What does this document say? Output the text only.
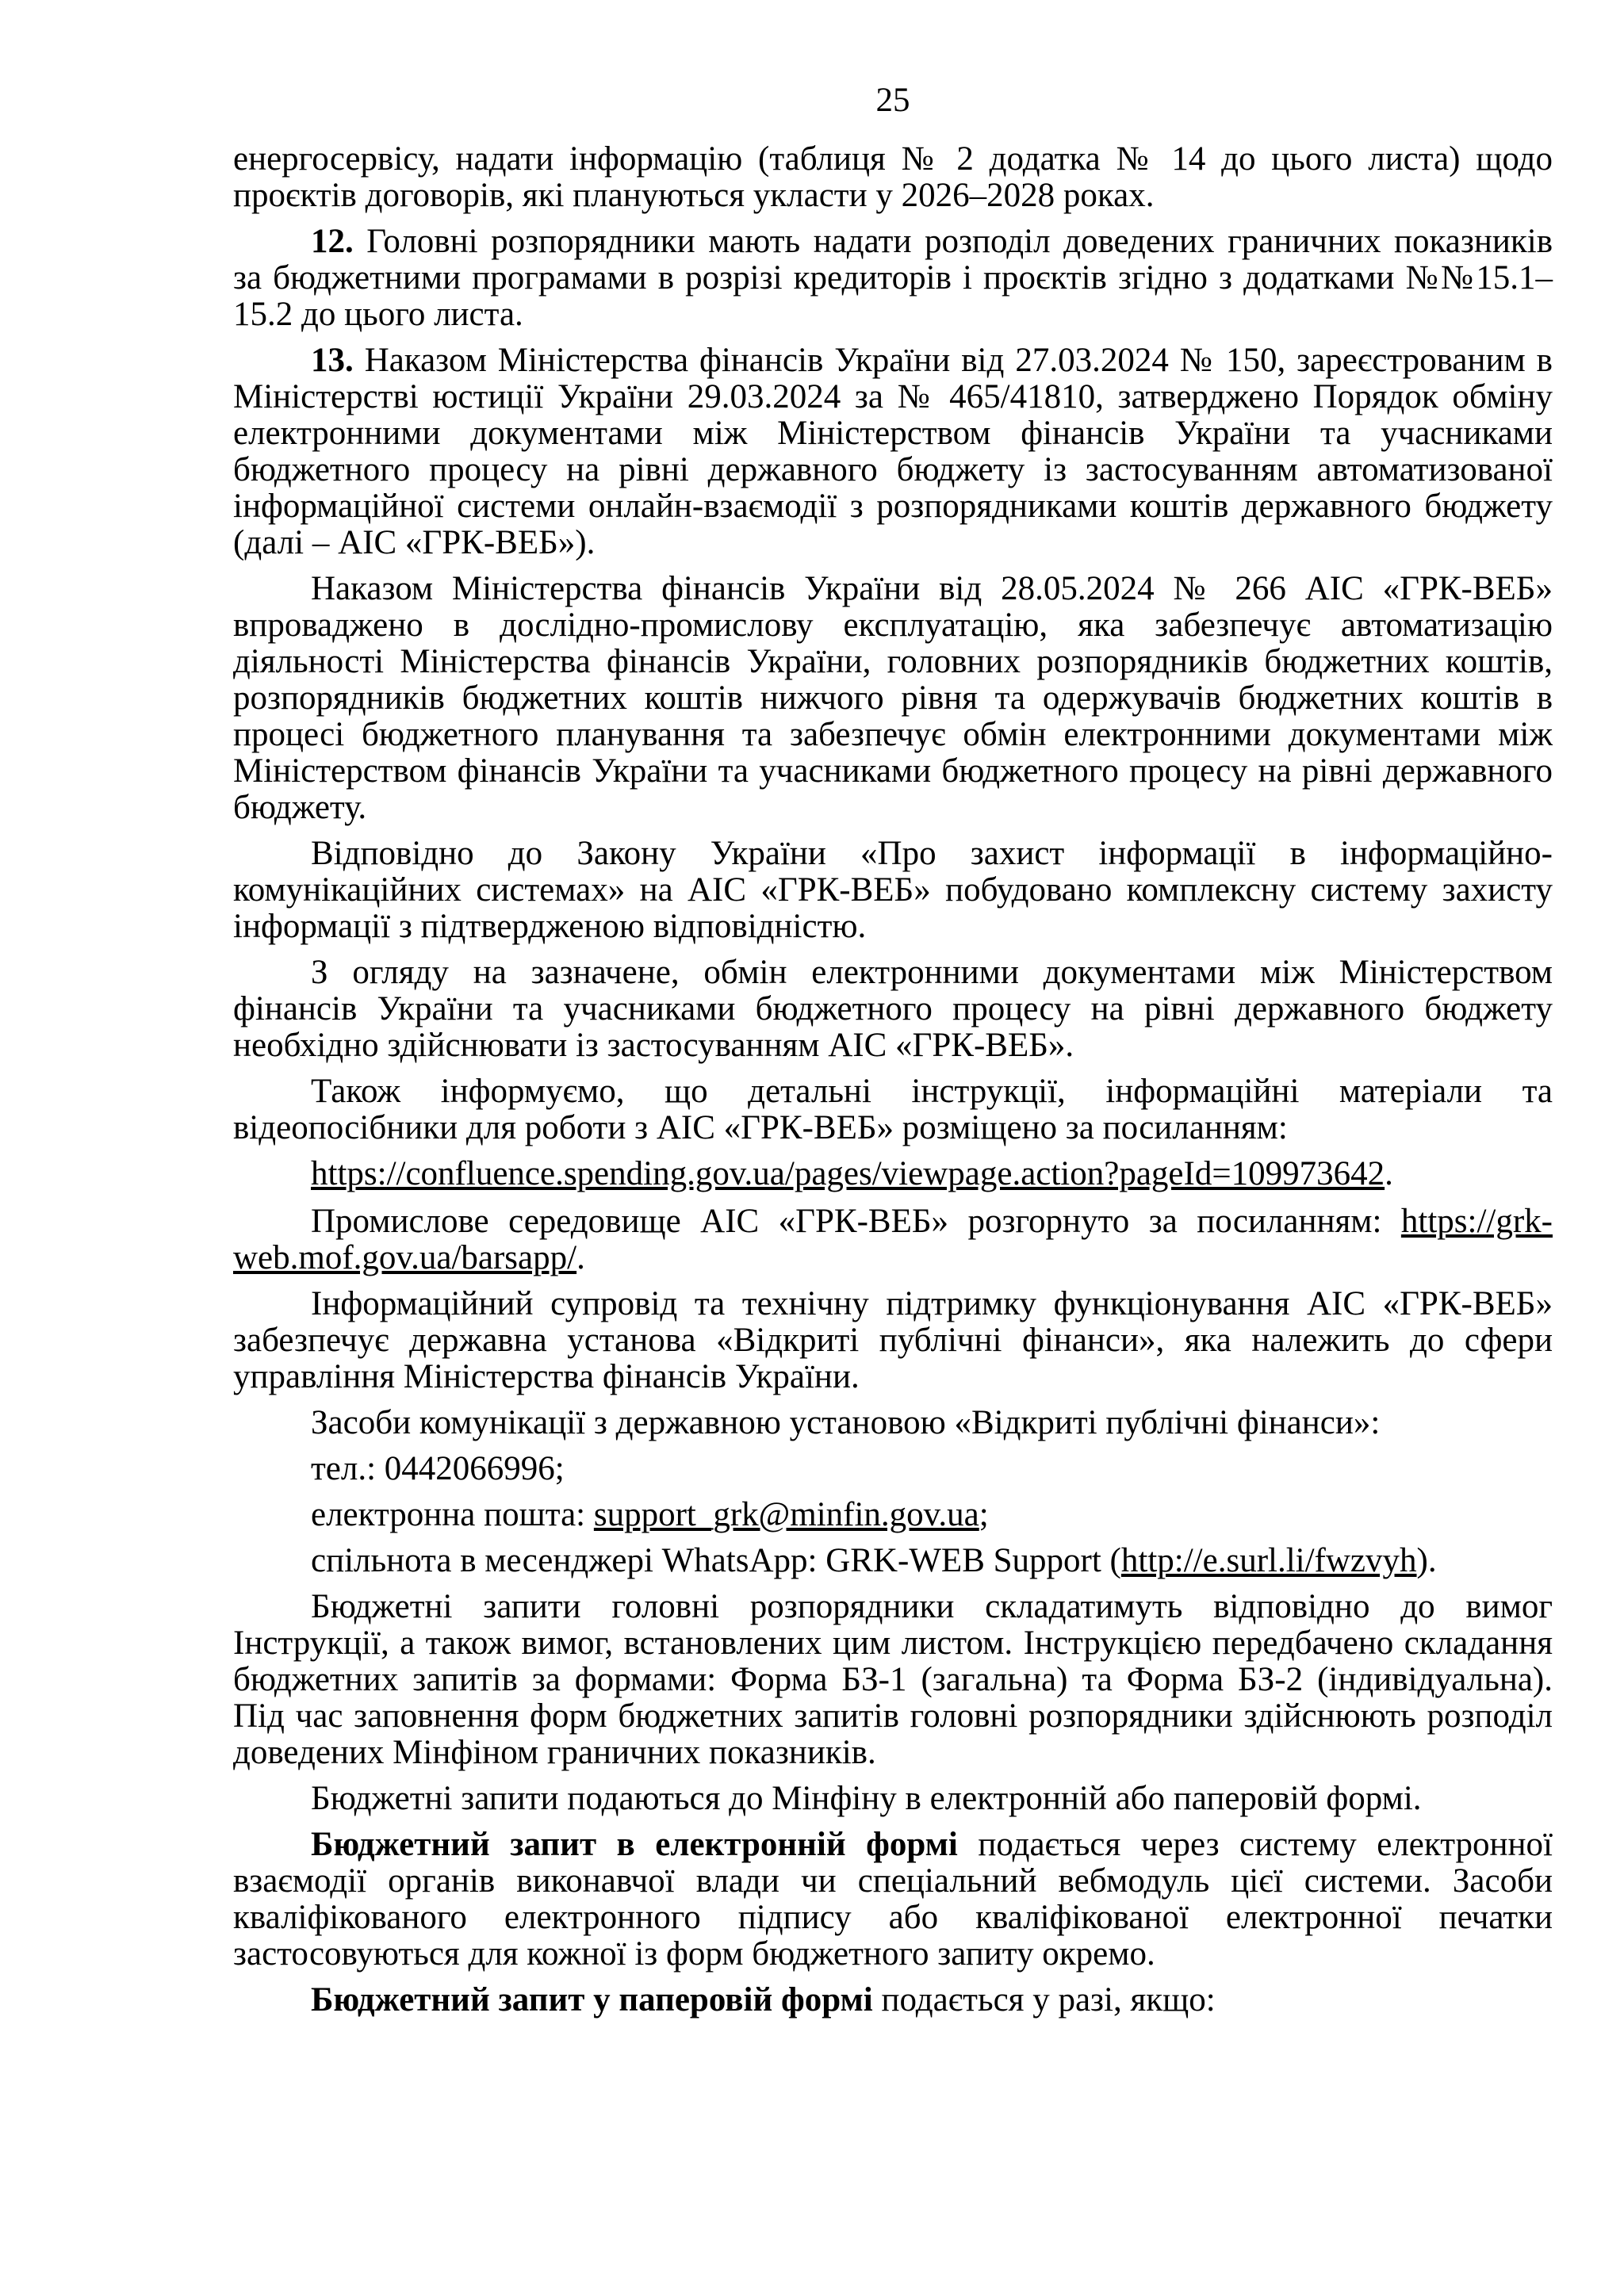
25

енергосервісу, надати інформацію (таблиця № 2 додатка № 14 до цього листа) щодо проєктів договорів, які плануються укласти у 2026–2028 роках.

12. Головні розпорядники мають надати розподіл доведених граничних показників за бюджетними програмами в розрізі кредиторів і проєктів згідно з додатками №№15.1–15.2 до цього листа.

13. Наказом Міністерства фінансів України від 27.03.2024 № 150, зареєстрованим в Міністерстві юстиції України 29.03.2024 за № 465/41810, затверджено Порядок обміну електронними документами між Міністерством фінансів України та учасниками бюджетного процесу на рівні державного бюджету із застосуванням автоматизованої інформаційної системи онлайн-взаємодії з розпорядниками коштів державного бюджету (далі – АІС «ГРК-ВЕБ»).

Наказом Міністерства фінансів України від 28.05.2024 № 266 АІС «ГРК-ВЕБ» впроваджено в дослідно-промислову експлуатацію, яка забезпечує автоматизацію діяльності Міністерства фінансів України, головних розпорядників бюджетних коштів, розпорядників бюджетних коштів нижчого рівня та одержувачів бюджетних коштів в процесі бюджетного планування та забезпечує обмін електронними документами між Міністерством фінансів України та учасниками бюджетного процесу на рівні державного бюджету.

Відповідно до Закону України «Про захист інформації в інформаційно-комунікаційних системах» на АІС «ГРК-ВЕБ» побудовано комплексну систему захисту інформації з підтвердженою відповідністю.

З огляду на зазначене, обмін електронними документами між Міністерством фінансів України та учасниками бюджетного процесу на рівні державного бюджету необхідно здійснювати із застосуванням АІС «ГРК-ВЕБ».

Також інформуємо, що детальні інструкції, інформаційні матеріали та відеопосібники для роботи з АІС «ГРК-ВЕБ» розміщено за посиланням:

https://confluence.spending.gov.ua/pages/viewpage.action?pageId=109973642.

Промислове середовище АІС «ГРК-ВЕБ» розгорнуто за посиланням: https://grk-web.mof.gov.ua/barsapp/.

Інформаційний супровід та технічну підтримку функціонування АІС «ГРК-ВЕБ» забезпечує державна установа «Відкриті публічні фінанси», яка належить до сфери управління Міністерства фінансів України.

Засоби комунікації з державною установою «Відкриті публічні фінанси»:

тел.: 0442066996;

електронна пошта: support_grk@minfin.gov.ua;

спільнота в месенджері WhatsApp: GRK-WEB Support (http://e.surl.li/fwzvyh).

Бюджетні запити головні розпорядники складатимуть відповідно до вимог Інструкції, а також вимог, встановлених цим листом. Інструкцією передбачено складання бюджетних запитів за формами: Форма БЗ-1 (загальна) та Форма БЗ-2 (індивідуальна). Під час заповнення форм бюджетних запитів головні розпорядники здійснюють розподіл доведених Мінфіном граничних показників.

Бюджетні запити подаються до Мінфіну в електронній або паперовій формі.

Бюджетний запит в електронній формі подається через систему електронної взаємодії органів виконавчої влади чи спеціальний вебмодуль цієї системи. Засоби кваліфікованого електронного підпису або кваліфікованої електронної печатки застосовуються для кожної із форм бюджетного запиту окремо.

Бюджетний запит у паперовій формі подається у разі, якщо:
